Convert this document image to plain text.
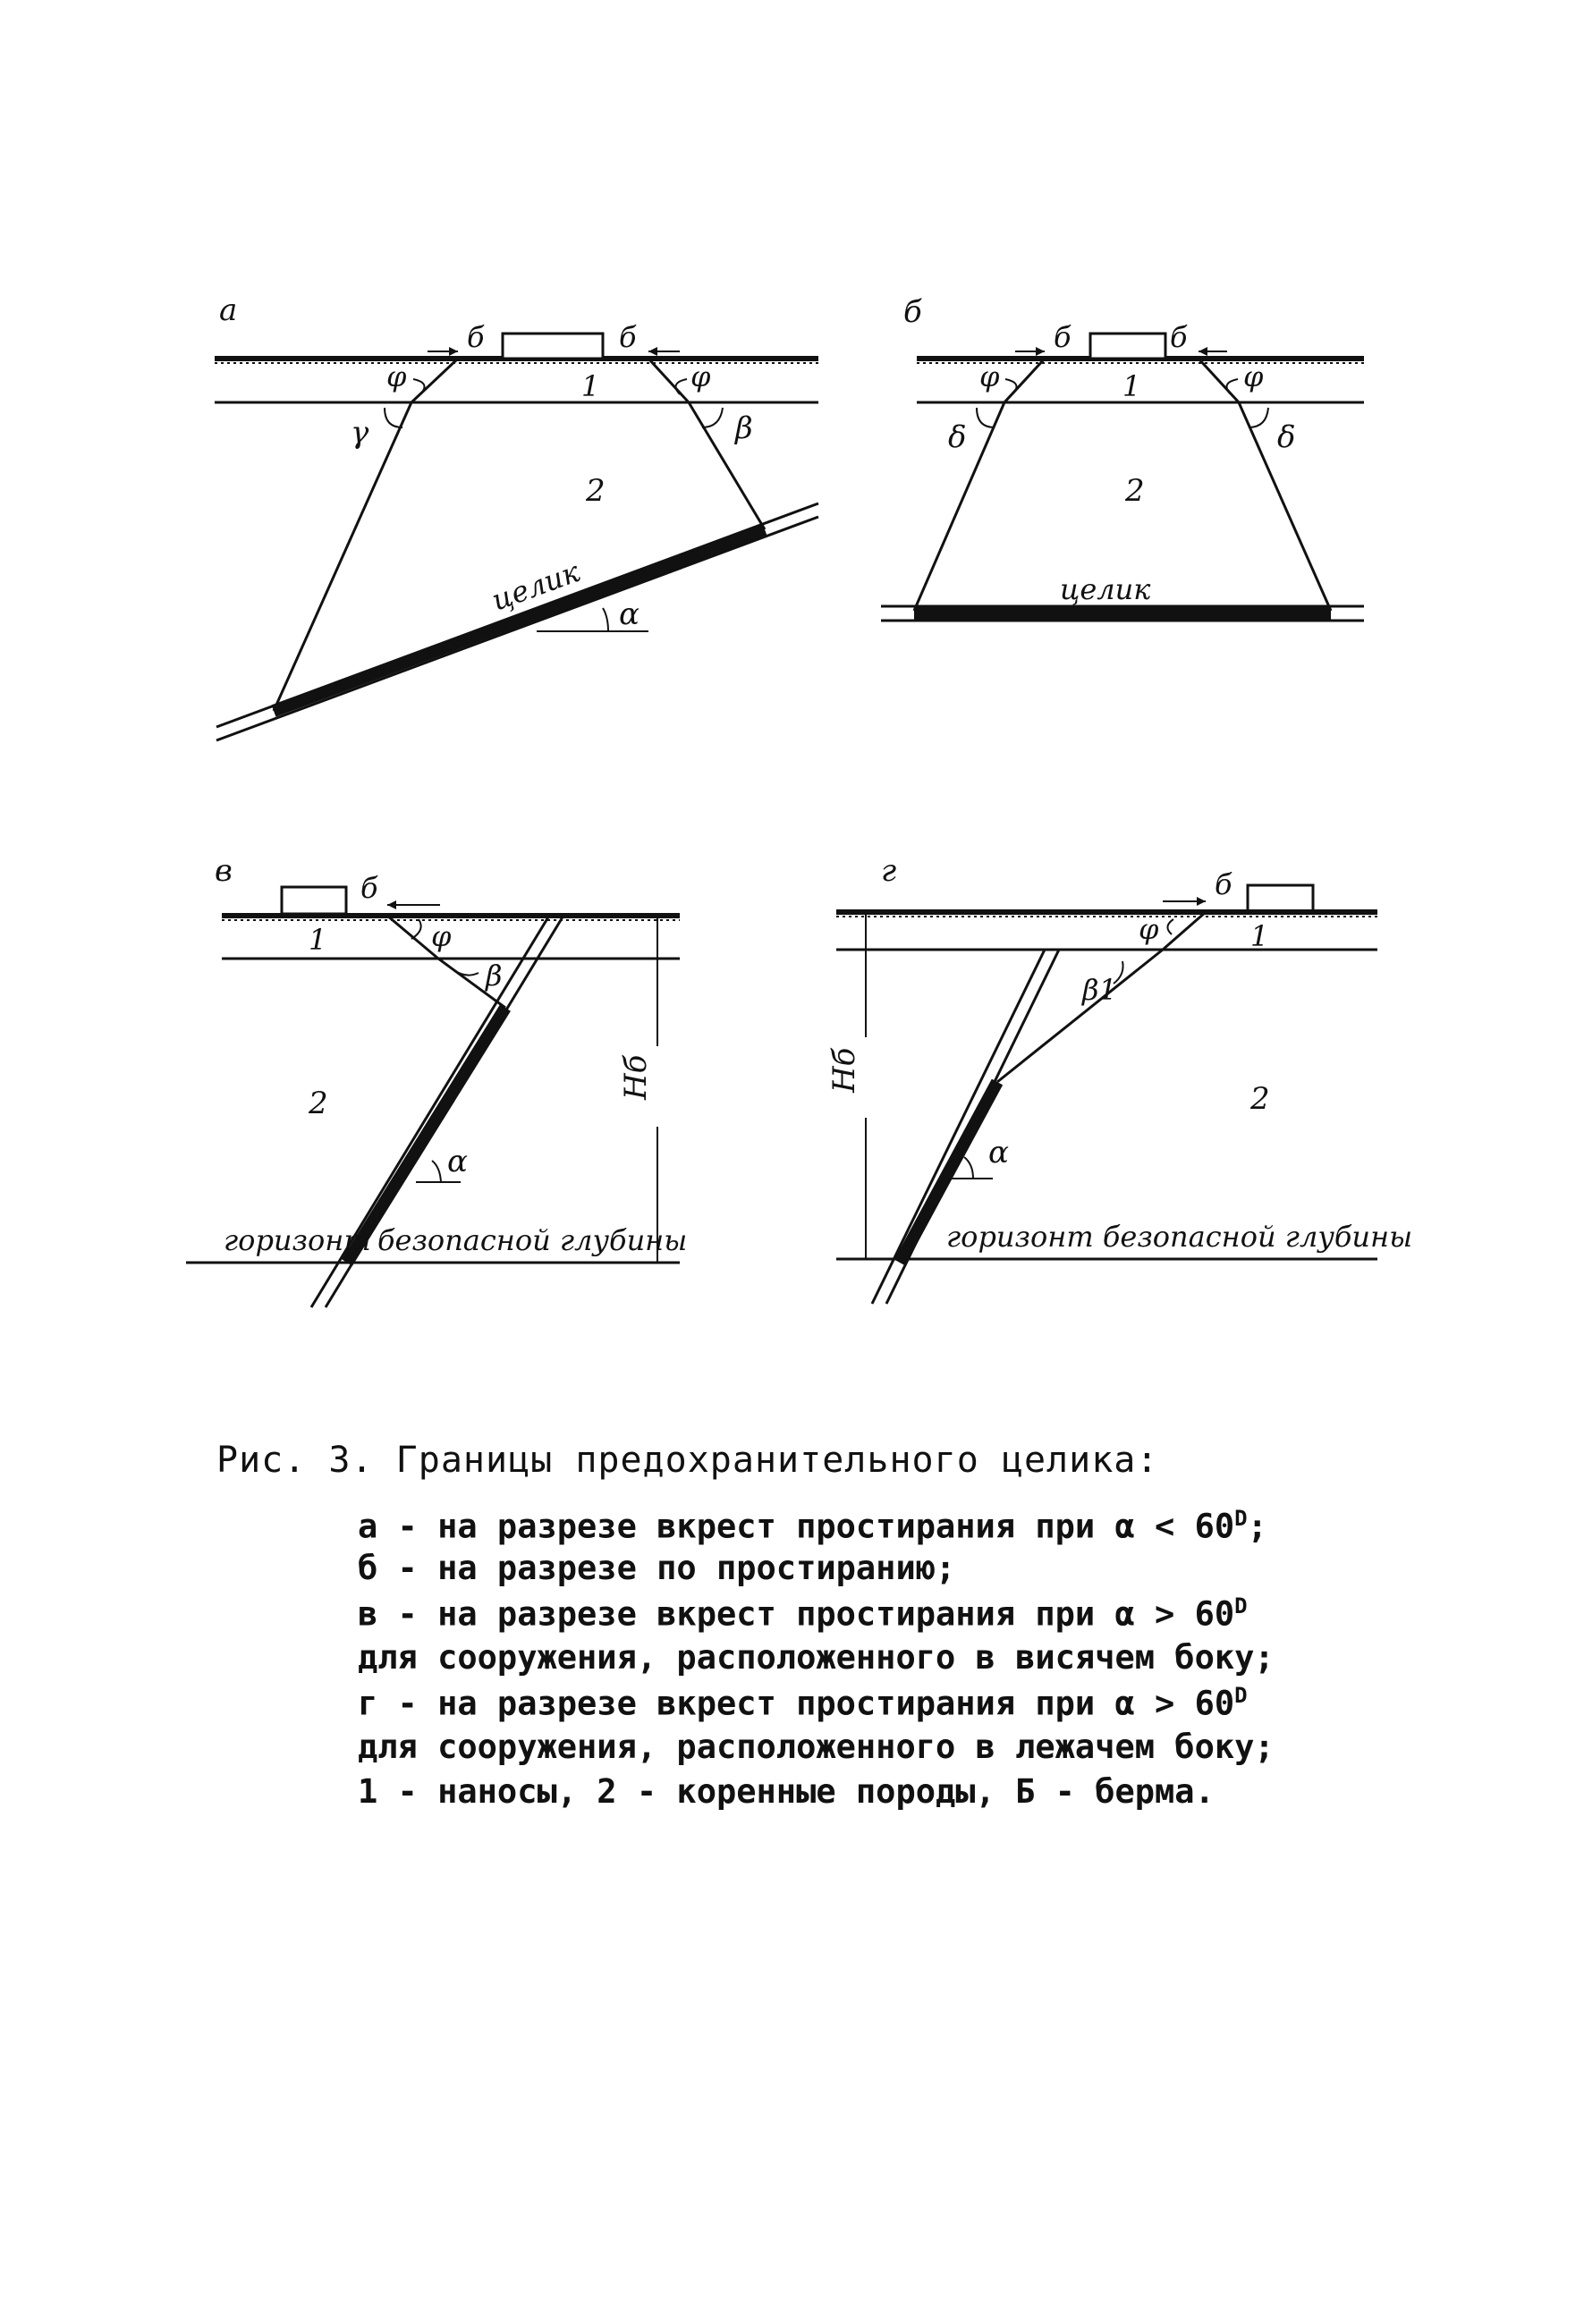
а
б	б
φ	φ
γ	β
1
2
целик α
б
б	б
φ	φ
δ	δ
1
2
целик
в	б
1
2
φ
β
α
горизонт безопасной глубины
Нб
г	б
1
2
φ
β1
α
горизонт безопасной глубины
Нб
Рис. 3. Границы предохранительного целика:
а - на разрезе вкрест простирания при $\alpha < 60^D$;
б - на разрезе по простиранию;
в - на разрезе вкрест простирания при $\alpha > 60^D$
для сооружения, расположенного в висячем боку;
г - на разрезе вкрест простирания при $\alpha > 60^D$
для сооружения, расположенного в лежачем боку;
1 - наносы, 2 - коренные породы, Б - берма.
